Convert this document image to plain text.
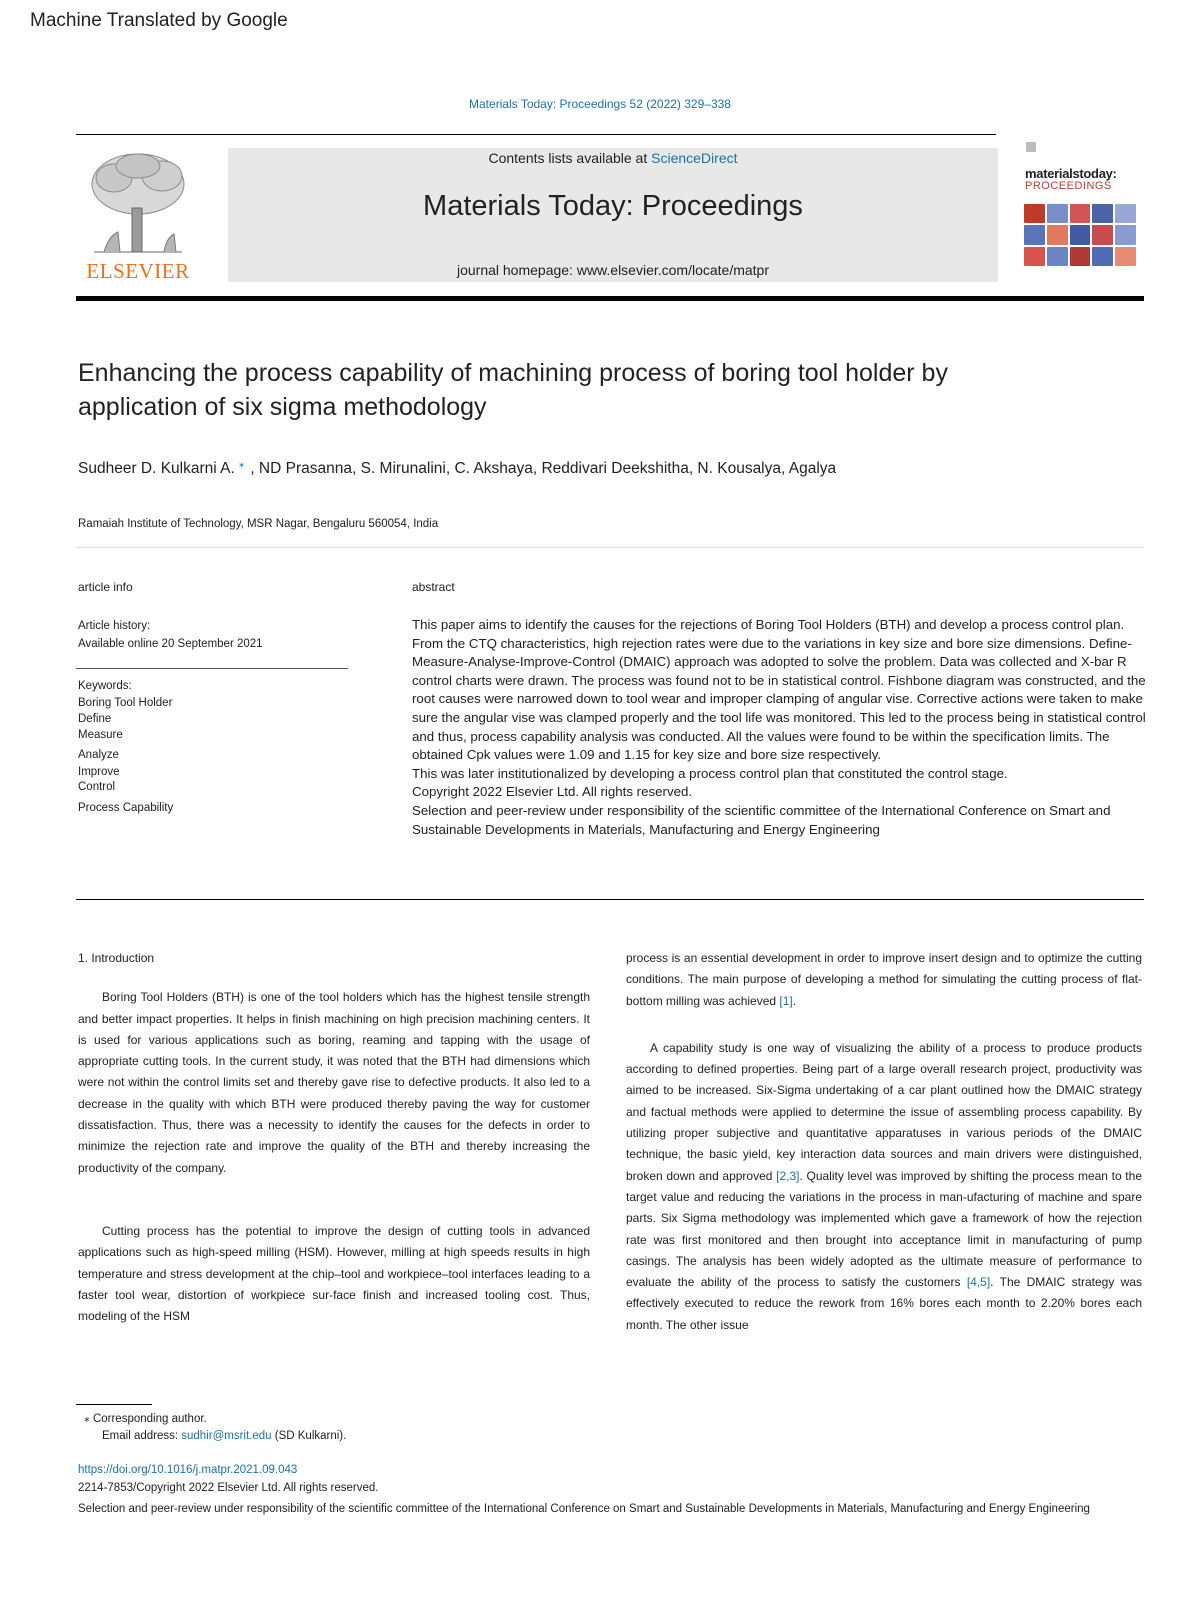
Machine Translated by Google
Materials Today: Proceedings 52 (2022) 329–338
ELSEVIER
Contents lists available at ScienceDirect
Materials Today: Proceedings
journal homepage: www.elsevier.com/locate/matpr
materialstoday:
PROCEEDINGS
Enhancing the process capability of machining process of boring tool holder by application of six sigma methodology
Sudheer D. Kulkarni A. ⁎ , ND Prasanna, S. Mirunalini, C. Akshaya, Reddivari Deekshitha, N. Kousalya, Agalya
Ramaiah Institute of Technology, MSR Nagar, Bengaluru 560054, India
article info
Article history:
Available online 20 September 2021
Keywords:
Boring Tool Holder
Define
Measure
Analyze
Improve
Control
Process Capability
abstract

This paper aims to identify the causes for the rejections of Boring Tool Holders (BTH) and develop a process control plan. From the CTQ characteristics, high rejection rates were due to the variations in key size and bore size dimensions. Define-Measure-Analyse-Improve-Control (DMAIC) approach was adopted to solve the problem. Data was collected and X-bar R control charts were drawn. The process was found not to be in statistical control. Fishbone diagram was constructed, and the root causes were narrowed down to tool wear and improper clamping of angular vise. Corrective actions were taken to make sure the angular vise was clamped properly and the tool life was monitored. This led to the process being in statistical control and thus, process capability analysis was conducted. All the values were found to be within the specification limits. The obtained Cpk values were 1.09 and 1.15 for key size and bore size respectively.

This was later institutionalized by developing a process control plan that constituted the control stage.

Copyright 2022 Elsevier Ltd. All rights reserved.

Selection and peer-review under responsibility of the scientific committee of the International Conference on Smart and Sustainable Developments in Materials, Manufacturing and Energy Engineering

1. Introduction

Boring Tool Holders (BTH) is one of the tool holders which has the highest tensile strength and better impact properties. It helps in finish machining on high precision machining centers. It is used for various applications such as boring, reaming and tapping with the usage of appropriate cutting tools. In the current study, it was noted that the BTH had dimensions which were not within the control limits set and thereby gave rise to defective products. It also led to a decrease in the quality with which BTH were produced thereby paving the way for customer dissatisfaction. Thus, there was a necessity to identify the causes for the defects in order to minimize the rejection rate and improve the quality of the BTH and thereby increasing the productivity of the company.

Cutting process has the potential to improve the design of cutting tools in advanced applications such as high-speed milling (HSM). However, milling at high speeds results in high temperature and stress development at the chip–tool and workpiece–tool interfaces leading to a faster tool wear, distortion of workpiece sur-face finish and increased tooling cost. Thus, modeling of the HSM

process is an essential development in order to improve insert design and to optimize the cutting conditions. The main purpose of developing a method for simulating the cutting process of flat-bottom milling was achieved [1].

A capability study is one way of visualizing the ability of a process to produce products according to defined properties. Being part of a large overall research project, productivity was aimed to be increased. Six-Sigma undertaking of a car plant outlined how the DMAIC strategy and factual methods were applied to determine the issue of assembling process capability. By utilizing proper subjective and quantitative apparatuses in various periods of the DMAIC technique, the basic yield, key interaction data sources and main drivers were distinguished, broken down and approved [2,3]. Quality level was improved by shifting the process mean to the target value and reducing the variations in the process in man-ufacturing of machine and spare parts. Six Sigma methodology was implemented which gave a framework of how the rejection rate was first monitored and then brought into acceptance limit in manufacturing of pump casings. The analysis has been widely adopted as the ultimate measure of performance to evaluate the ability of the process to satisfy the customers [4,5]. The DMAIC strategy was effectively executed to reduce the rework from 16% bores each month to 2.20% bores each month. The other issue

⁎ Corresponding author.
Email address: sudhir@msrit.edu (SD Kulkarni).
https://doi.org/10.1016/j.matpr.2021.09.043
2214-7853/Copyright 2022 Elsevier Ltd. All rights reserved.
Selection and peer-review under responsibility of the scientific committee of the International Conference on Smart and Sustainable Developments in Materials, Manufacturing and Energy Engineering
